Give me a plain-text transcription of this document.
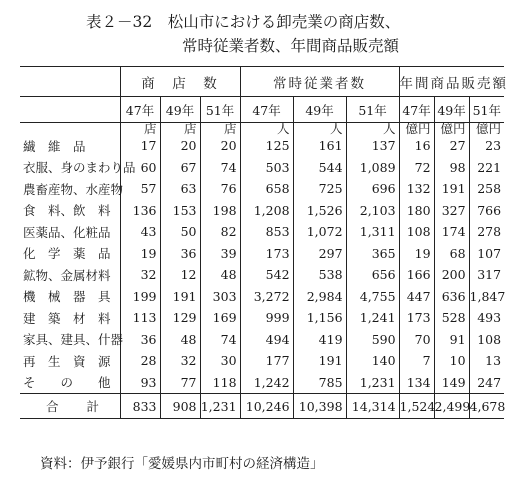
表２－32　松山市における卸売業の商店数、
常時従業者数、年間商品販売額
	商　店　数			常時従業者数			年間商品販売額		
	47年	49年	51年	47年	49年	51年	47年	49年	51年
	店	店	店	人	人	人	億円	億円	億円
繊　維　品	17	20	20	125	161	137	16	27	23
衣服、身のまわり品	60	67	74	503	544	1,089	72	98	221
農畜産物、水産物	57	63	76	658	725	696	132	191	258
食　料、飲　料	136	153	198	1,208	1,526	2,103	180	327	766
医薬品、化粧品	43	50	82	853	1,072	1,311	108	174	278
化　学　薬　品	19	36	39	173	297	365	19	68	107
鉱物、金属材料	32	12	48	542	538	656	166	200	317
機　械　器　具	199	191	303	3,272	2,984	4,755	447	636	1,847
建　築　材　料	113	129	169	999	1,156	1,241	173	528	493
家具、建具、什器	36	48	74	494	419	590	70	91	108
再　生　資　源	28	32	30	177	191	140	7	10	13
そ　　の　　他	93	77	118	1,242	785	1,231	134	149	247
合計	833	908	1,231	10,246	10,398	14,314	1,524	2,499	4,678
資料：伊予銀行「愛媛県内市町村の経済構造」
